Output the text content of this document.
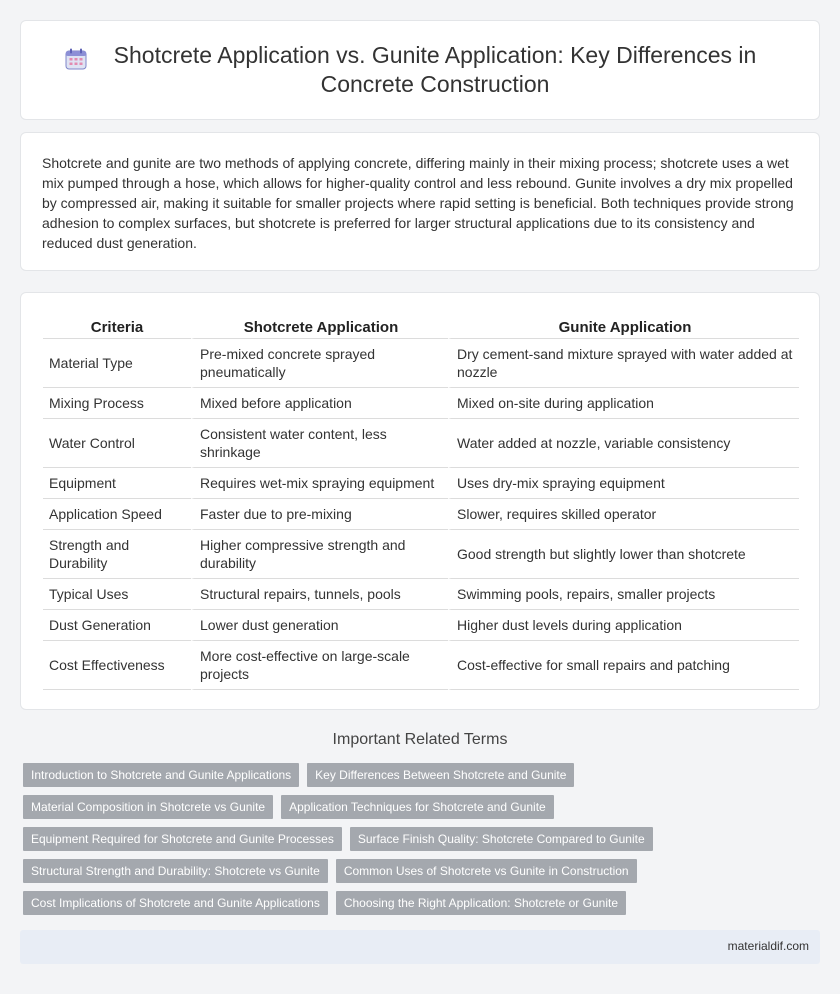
Shotcrete Application vs. Gunite Application: Key Differences in Concrete Construction

Shotcrete and gunite are two methods of applying concrete, differing mainly in their mixing process; shotcrete uses a wet mix pumped through a hose, which allows for higher-quality control and less rebound. Gunite involves a dry mix propelled by compressed air, making it suitable for smaller projects where rapid setting is beneficial. Both techniques provide strong adhesion to complex surfaces, but shotcrete is preferred for larger structural applications due to its consistency and reduced dust generation.

Criteria	Shotcrete Application	Gunite Application
Material Type	Pre-mixed concrete sprayed pneumatically	Dry cement-sand mixture sprayed with water added at nozzle
Mixing Process	Mixed before application	Mixed on-site during application
Water Control	Consistent water content, less shrinkage	Water added at nozzle, variable consistency
Equipment	Requires wet-mix spraying equipment	Uses dry-mix spraying equipment
Application Speed	Faster due to pre-mixing	Slower, requires skilled operator
Strength and Durability	Higher compressive strength and durability	Good strength but slightly lower than shotcrete
Typical Uses	Structural repairs, tunnels, pools	Swimming pools, repairs, smaller projects
Dust Generation	Lower dust generation	Higher dust levels during application
Cost Effectiveness	More cost-effective on large-scale projects	Cost-effective for small repairs and patching
Important Related Terms
Introduction to Shotcrete and Gunite Applications	Key Differences Between Shotcrete and Gunite
Material Composition in Shotcrete vs Gunite	Application Techniques for Shotcrete and Gunite
Equipment Required for Shotcrete and Gunite Processes	Surface Finish Quality: Shotcrete Compared to Gunite
Structural Strength and Durability: Shotcrete vs Gunite	Common Uses of Shotcrete vs Gunite in Construction
Cost Implications of Shotcrete and Gunite Applications	Choosing the Right Application: Shotcrete or Gunite
materialdif.com
